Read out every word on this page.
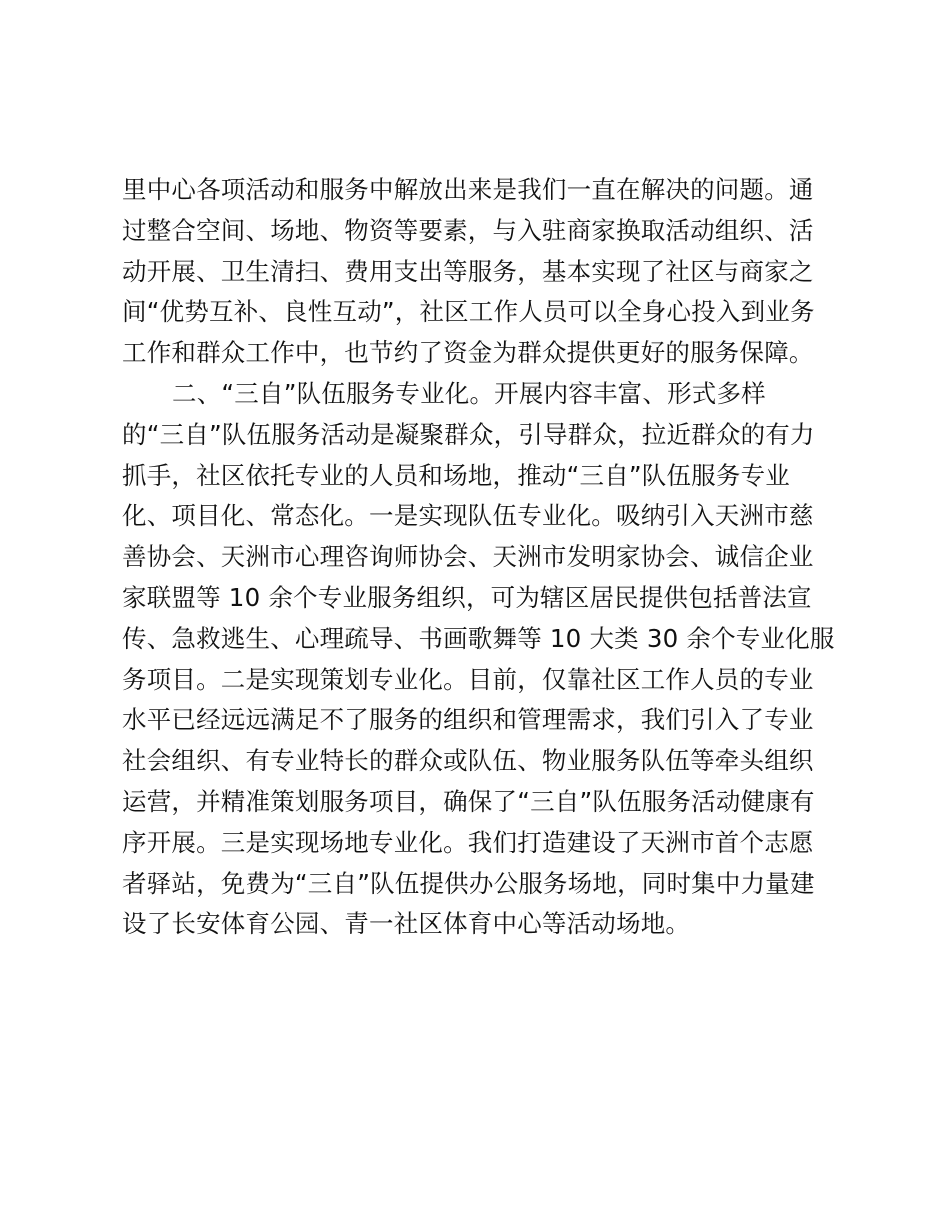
里中心各项活动和服务中解放出来是我们一直在解决的问题。通
过整合空间、场地、物资等要素，与入驻商家换取活动组织、活
动开展、卫生清扫、费用支出等服务，基本实现了社区与商家之
间“优势互补、良性互动”，社区工作人员可以全身心投入到业务
工作和群众工作中，也节约了资金为群众提供更好的服务保障。
二、“三自”队伍服务专业化。开展内容丰富、形式多样
的“三自”队伍服务活动是凝聚群众，引导群众，拉近群众的有力
抓手，社区依托专业的人员和场地，推动“三自”队伍服务专业
化、项目化、常态化。一是实现队伍专业化。吸纳引入天洲市慈
善协会、天洲市心理咨询师协会、天洲市发明家协会、诚信企业
家联盟等 10 余个专业服务组织，可为辖区居民提供包括普法宣
传、急救逃生、心理疏导、书画歌舞等 10 大类 30 余个专业化服
务项目。二是实现策划专业化。目前，仅靠社区工作人员的专业
水平已经远远满足不了服务的组织和管理需求，我们引入了专业
社会组织、有专业特长的群众或队伍、物业服务队伍等牵头组织
运营，并精准策划服务项目，确保了“三自”队伍服务活动健康有
序开展。三是实现场地专业化。我们打造建设了天洲市首个志愿
者驿站，免费为“三自”队伍提供办公服务场地，同时集中力量建
设了长安体育公园、青一社区体育中心等活动场地。
